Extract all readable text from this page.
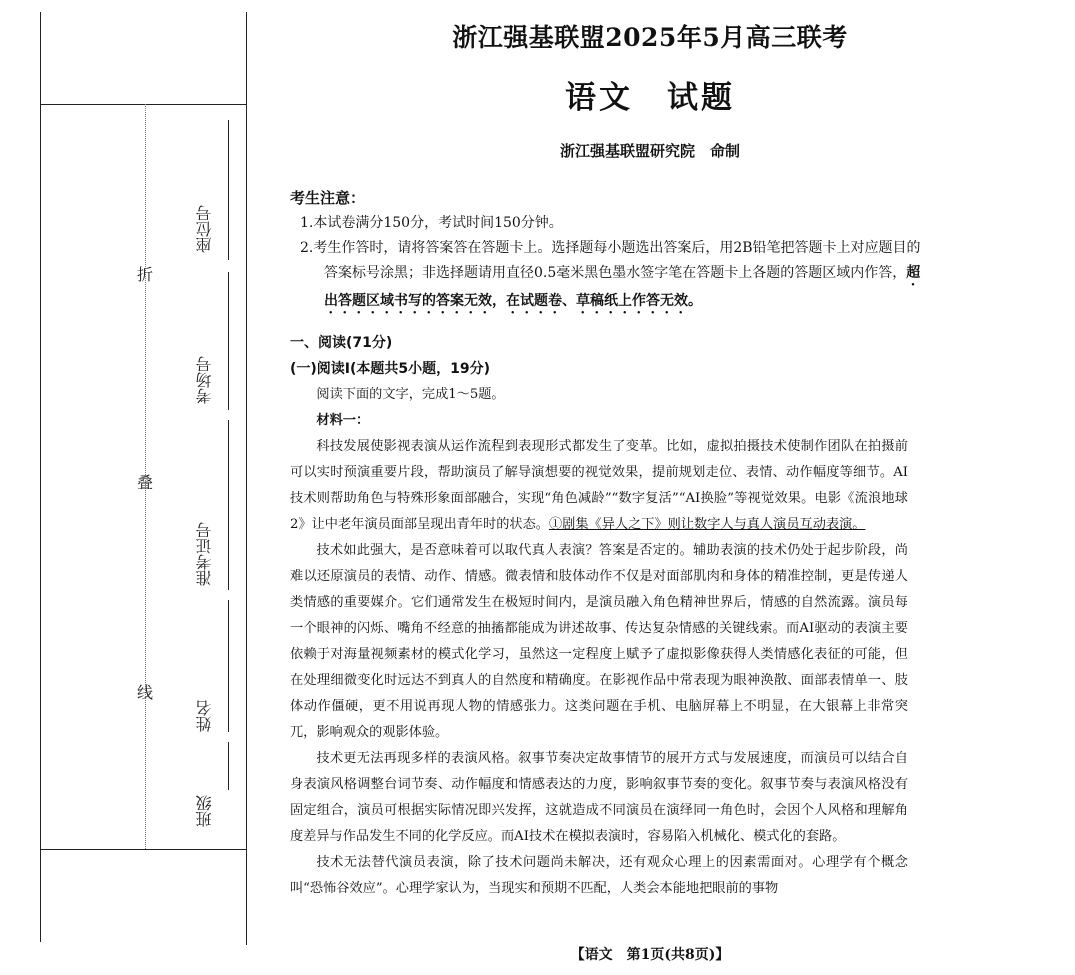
折
叠
线
座位号
考场号
准考证号
姓名
班级
浙江强基联盟2025年5月高三联考
语文　试题
浙江强基联盟研究院　命制
考生注意：
1.本试卷满分150分，考试时间150分钟。
2.考生作答时，请将答案答在答题卡上。选择题每小题选出答案后，用2B铅笔把答题卡上对应题目的答案标号涂黑；非选择题请用直径0.5毫米黑色墨水签字笔在答题卡上各题的答题区域内作答，超出答题区域书写的答案无效，在试题卷、草稿纸上作答无效。
一、阅读(71分)
(一)阅读Ⅰ(本题共5小题，19分)
阅读下面的文字，完成1～5题。
材料一：
科技发展使影视表演从运作流程到表现形式都发生了变革。比如，虚拟拍摄技术使制作团队在拍摄前可以实时预演重要片段，帮助演员了解导演想要的视觉效果，提前规划走位、表情、动作幅度等细节。AI技术则帮助角色与特殊形象面部融合，实现“角色减龄”“数字复活”“AI换脸”等视觉效果。电影《流浪地球2》让中老年演员面部呈现出青年时的状态。①剧集《异人之下》则让数字人与真人演员互动表演。
技术如此强大，是否意味着可以取代真人表演？答案是否定的。辅助表演的技术仍处于起步阶段，尚难以还原演员的表情、动作、情感。微表情和肢体动作不仅是对面部肌肉和身体的精准控制，更是传递人类情感的重要媒介。它们通常发生在极短时间内，是演员融入角色精神世界后，情感的自然流露。演员每一个眼神的闪烁、嘴角不经意的抽搐都能成为讲述故事、传达复杂情感的关键线索。而AI驱动的表演主要依赖于对海量视频素材的模式化学习，虽然这一定程度上赋予了虚拟影像获得人类情感化表征的可能，但在处理细微变化时远达不到真人的自然度和精确度。在影视作品中常表现为眼神涣散、面部表情单一、肢体动作僵硬，更不用说再现人物的情感张力。这类问题在手机、电脑屏幕上不明显，在大银幕上非常突兀，影响观众的观影体验。
技术更无法再现多样的表演风格。叙事节奏决定故事情节的展开方式与发展速度，而演员可以结合自身表演风格调整台词节奏、动作幅度和情感表达的力度，影响叙事节奏的变化。叙事节奏与表演风格没有固定组合，演员可根据实际情况即兴发挥，这就造成不同演员在演绎同一角色时，会因个人风格和理解角度差异与作品发生不同的化学反应。而AI技术在模拟表演时，容易陷入机械化、模式化的套路。
技术无法替代演员表演，除了技术问题尚未解决，还有观众心理上的因素需面对。心理学有个概念叫“恐怖谷效应”。心理学家认为，当现实和预期不匹配，人类会本能地把眼前的事物
【语文　第1页(共8页)】
